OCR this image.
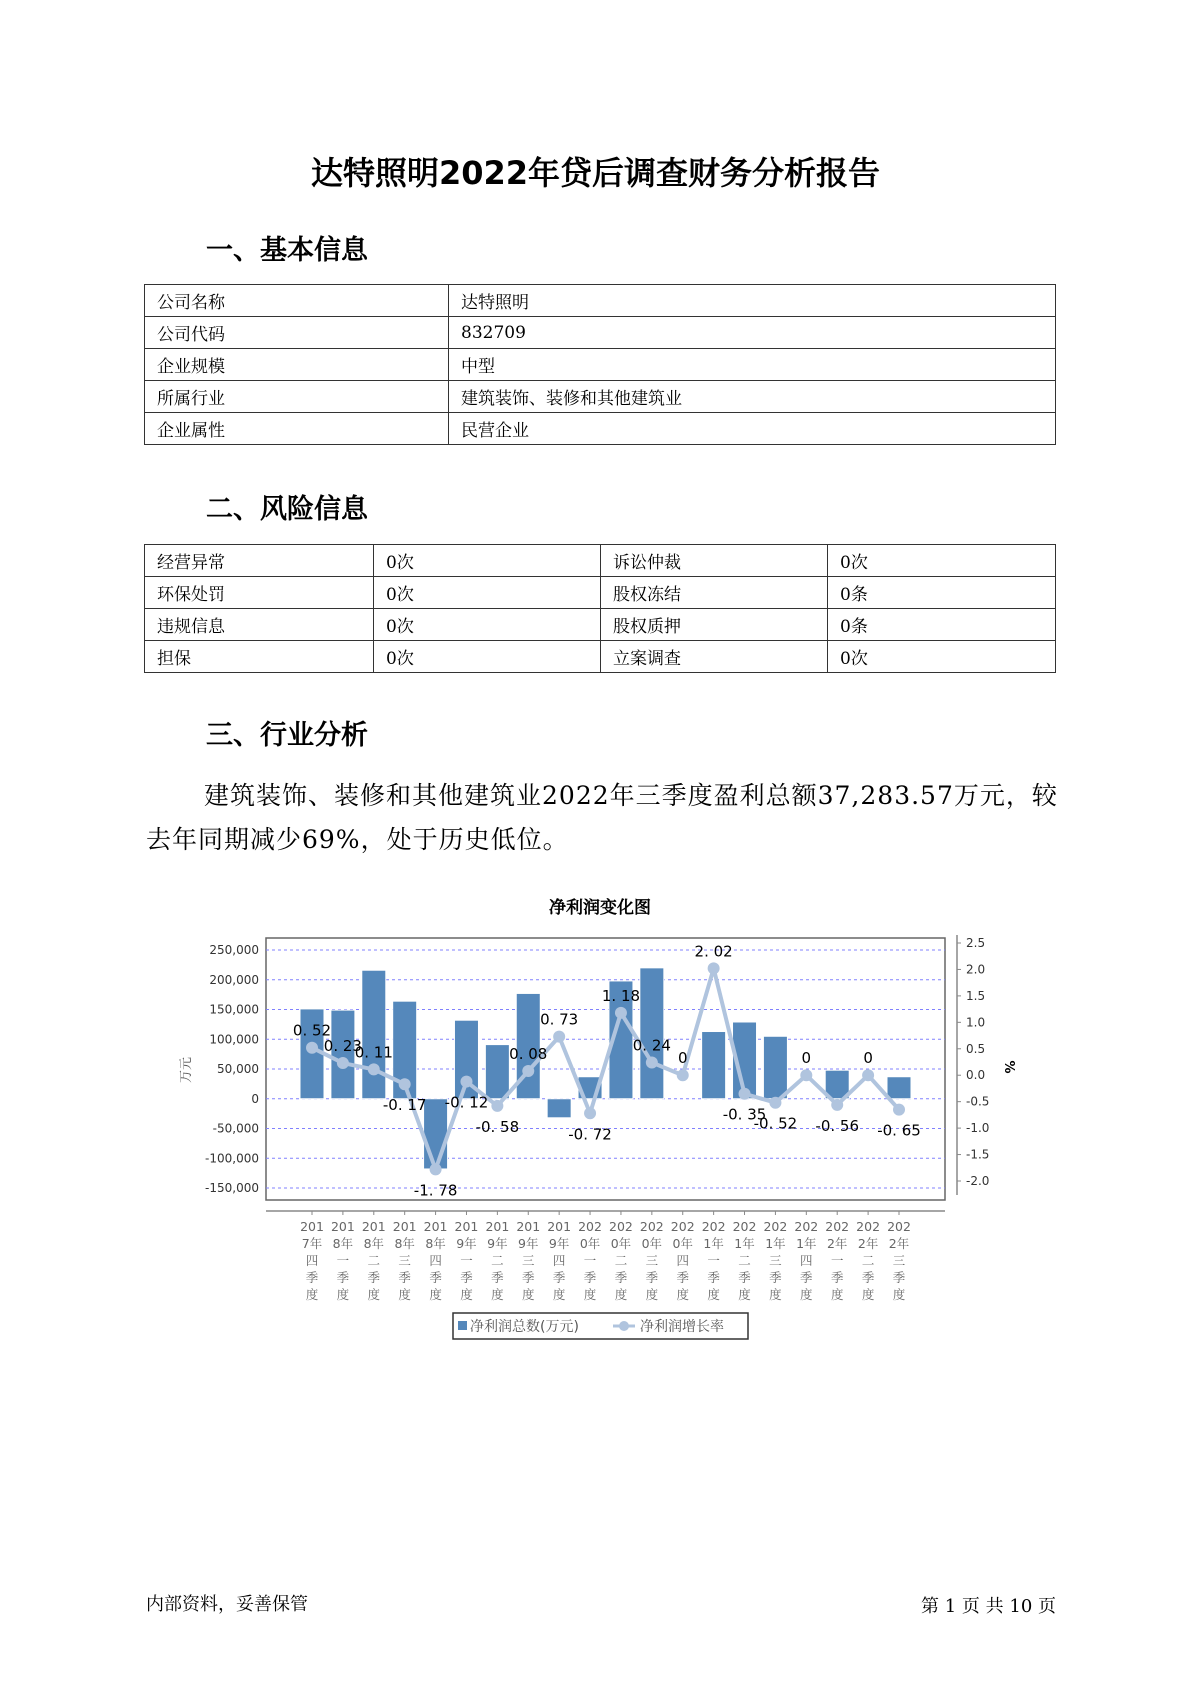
达特照明2022年贷后调查财务分析报告
一、基本信息
公司名称	达特照明
公司代码	832709
企业规模	中型
所属行业	建筑装饰、装修和其他建筑业
企业属性	民营企业
二、风险信息
经营异常	0次	诉讼仲裁	0次
环保处罚	0次	股权冻结	0条
违规信息	0次	股权质押	0条
担保	0次	立案调查	0次
三、行业分析
建筑装饰、装修和其他建筑业2022年三季度盈利总额37,283.57万元，较去年同期减少69%，处于历史低位。
净利润变化图
250,000
200,000
150,000
100,000
50,000
0
-50,000
-100,000
-150,000
万元
2.5
2.0
1.5
1.0
0.5
0.0
-0.5
-1.0
-1.5
-2.0
%
0. 52
0. 23
0. 11
-0. 17
-1. 78
-0. 12
-0. 58
0. 08
0. 73
-0. 72
1. 18
0. 24
0
2. 02
-0. 35
-0. 52
0
-0. 56
0
-0. 65
201
7年
四
季
度
201
8年
一
季
度
201
8年
二
季
度
201
8年
三
季
度
201
8年
四
季
度
201
9年
一
季
度
201
9年
二
季
度
201
9年
三
季
度
201
9年
四
季
度
202
0年
一
季
度
202
0年
二
季
度
202
0年
三
季
度
202
0年
四
季
度
202
1年
一
季
度
202
1年
二
季
度
202
1年
三
季
度
202
1年
四
季
度
202
2年
一
季
度
202
2年
二
季
度
202
2年
三
季
度
净利润总数(万元)	净利润增长率
内部资料，妥善保管	第 1 页 共 10 页
